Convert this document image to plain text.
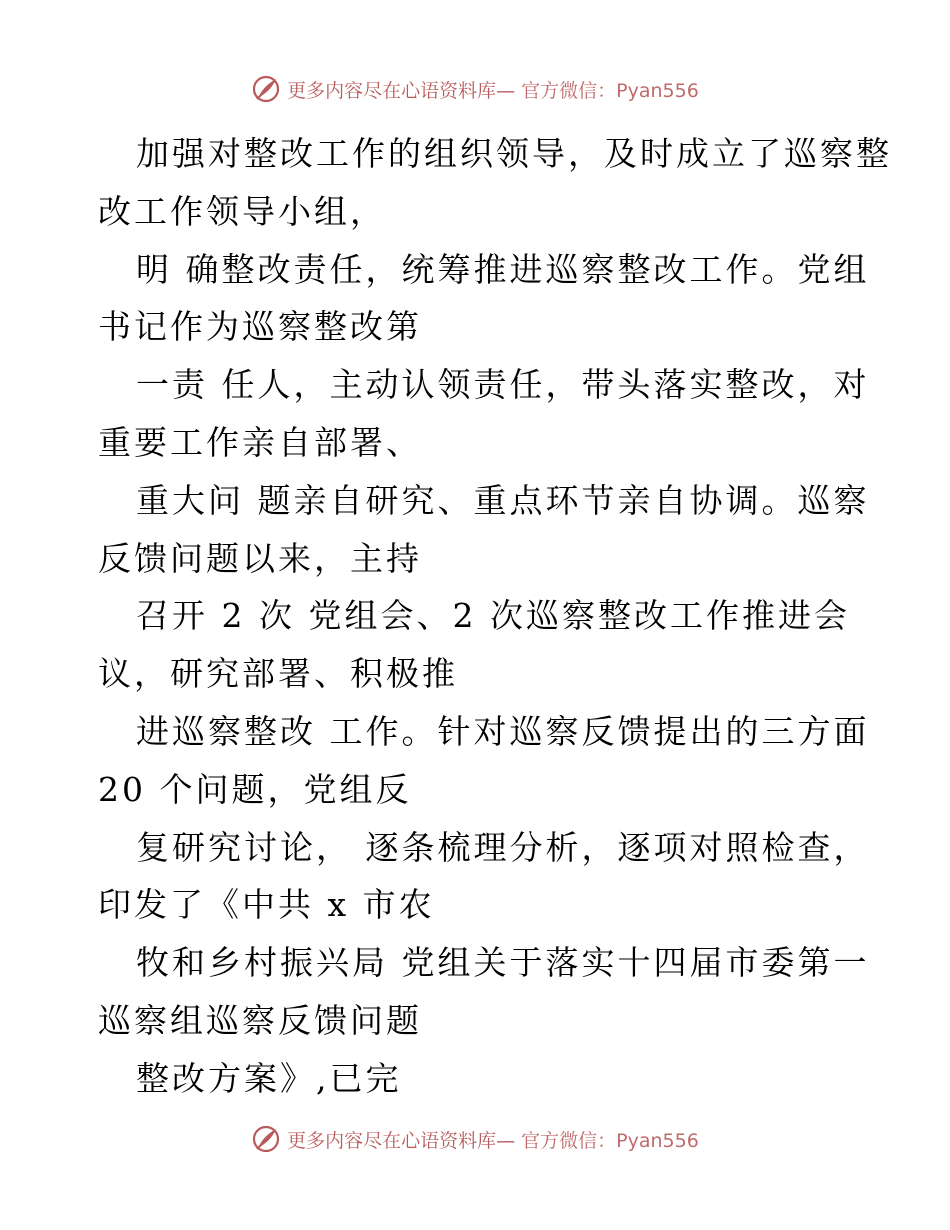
更多内容尽在心语资料库— 官方微信：Pyan556
加强对整改工作的组织领导，及时成立了巡察整
改工作领导小组，
明 确整改责任，统筹推进巡察整改工作。党组
书记作为巡察整改第
一责 任人，主动认领责任，带头落实整改，对
重要工作亲自部署、
重大问 题亲自研究、重点环节亲自协调。巡察
反馈问题以来，主持
召开 2 次 党组会、2 次巡察整改工作推进会
议，研究部署、积极推
进巡察整改 工作。针对巡察反馈提出的三方面
20 个问题，党组反
复研究讨论， 逐条梳理分析，逐项对照检查，
印发了《中共 x 市农
牧和乡村振兴局 党组关于落实十四届市委第一
巡察组巡察反馈问题
整改方案》,已完
更多内容尽在心语资料库— 官方微信：Pyan556
